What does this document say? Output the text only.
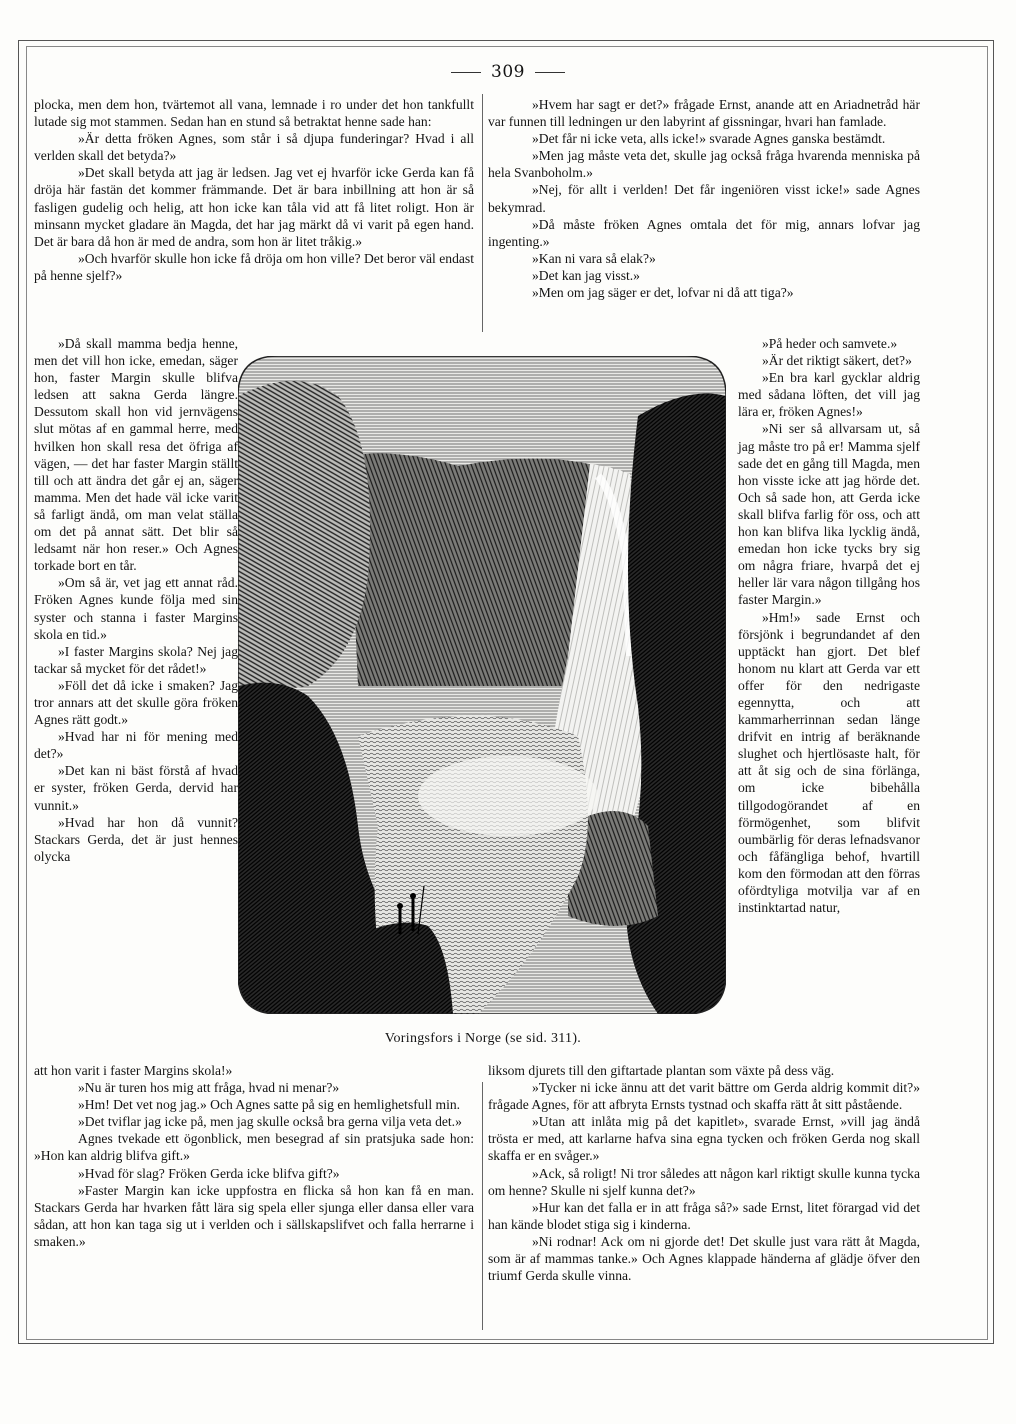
309

plocka, men dem hon, tvärtemot all vana, lemnade i ro under det hon tankfullt lutade sig mot stammen. Sedan han en stund så betraktat henne sade han:

»Är detta fröken Agnes, som står i så djupa funderingar? Hvad i all verlden skall det betyda?»

»Det skall betyda att jag är ledsen. Jag vet ej hvarför icke Gerda kan få dröja här fastän det kommer främmande. Det är bara inbillning att hon är så fasligen gudelig och helig, att hon icke kan tåla vid att få litet roligt. Hon är minsann mycket gladare än Magda, det har jag märkt då vi varit på egen hand. Det är bara då hon är med de andra, som hon är litet tråkig.»

»Och hvarför skulle hon icke få dröja om hon ville? Det beror väl endast på henne sjelf?»

»Då skall mamma bedja henne, men det vill hon icke, emedan, säger hon, faster Margin skulle blifva ledsen att sakna Gerda längre. Dessutom skall hon vid jernvägens slut mötas af en gammal herre, med hvilken hon skall resa det öfriga af vägen, — det har faster Margin ställt till och att ändra det går ej an, säger mamma. Men det hade väl icke varit så farligt ändå, om man velat ställa om det på annat sätt. Det blir så ledsamt när hon reser.» Och Agnes torkade bort en tår.

»Om så är, vet jag ett annat råd. Fröken Agnes kunde följa med sin syster och stanna i faster Margins skola en tid.»

»I faster Margins skola? Nej jag tackar så mycket för det rådet!»

»Föll det då icke i smaken? Jag tror annars att det skulle göra fröken Agnes rätt godt.»

»Hvad har ni för mening med det?»

»Det kan ni bäst förstå af hvad er syster, fröken Gerda, dervid har vunnit.»

»Hvad har hon då vunnit? Stackars Gerda, det är just hennes olycka

att hon varit i faster Margins skola!»

»Nu är turen hos mig att fråga, hvad ni menar?»

»Hm! Det vet nog jag.» Och Agnes satte på sig en hemlighetsfull min.

»Det tviflar jag icke på, men jag skulle också bra gerna vilja veta det.»

Agnes tvekade ett ögonblick, men besegrad af sin pratsjuka sade hon: »Hon kan aldrig blifva gift.»

»Hvad för slag? Fröken Gerda icke blifva gift?»

»Faster Margin kan icke uppfostra en flicka så hon kan få en man. Stackars Gerda har hvarken fått lära sig spela eller sjunga eller dansa eller vara sådan, att hon kan taga sig ut i verlden och i sällskapslifvet och falla herrarne i smaken.»

»Hvem har sagt er det?» frågade Ernst, anande att en Ariadnetråd här var funnen till ledningen ur den labyrint af gissningar, hvari han famlade.

»Det får ni icke veta, alls icke!» svarade Agnes ganska bestämdt.

»Men jag måste veta det, skulle jag också fråga hvarenda menniska på hela Svanboholm.»

»Nej, för allt i verlden! Det får ingeniören visst icke!» sade Agnes bekymrad.

»Då måste fröken Agnes omtala det för mig, annars lofvar jag ingenting.»

»Kan ni vara så elak?»

»Det kan jag visst.»

»Men om jag säger er det, lofvar ni då att tiga?»

»På heder och samvete.»

»Är det riktigt säkert, det?»

»En bra karl gycklar aldrig med sådana löften, det vill jag lära er, fröken Agnes!»

»Ni ser så allvarsam ut, så jag måste tro på er! Mamma sjelf sade det en gång till Magda, men hon visste icke att jag hörde det. Och så sade hon, att Gerda icke skall blifva farlig för oss, och att hon kan blifva lika lycklig ändå, emedan hon icke tycks bry sig om några friare, hvarpå det ej heller lär vara någon tillgång hos faster Margin.»

»Hm!» sade Ernst och försjönk i begrundandet af den upptäckt han gjort. Det blef honom nu klart att Gerda var ett offer för den nedrigaste egennytta, och att kammarherrinnan sedan länge drifvit en intrig af beräknande slughet och hjertlösaste halt, för att åt sig och de sina förlänga, om icke bibehålla tillgodogörandet af en förmögenhet, som blifvit oumbärlig för deras lefnadsvanor och fåfängliga behof, hvartill kom den förmodan att den förras ofördtyliga motvilja var af en instinktartad natur,

liksom djurets till den giftartade plantan som växte på dess väg.

»Tycker ni icke ännu att det varit bättre om Gerda aldrig kommit dit?» frågade Agnes, för att afbryta Ernsts tystnad och skaffa rätt åt sitt påstående.

»Utan att inlåta mig på det kapitlet», svarade Ernst, »vill jag ändå trösta er med, att karlarne hafva sina egna tycken och fröken Gerda nog skall skaffa er en svåger.»

»Ack, så roligt! Ni tror således att någon karl riktigt skulle kunna tycka om henne? Skulle ni sjelf kunna det?»

»Hur kan det falla er in att fråga så?» sade Ernst, litet förargad vid det han kände blodet stiga sig i kinderna.

»Ni rodnar! Ack om ni gjorde det! Det skulle just vara rätt åt Magda, som är af mammas tanke.» Och Agnes klappade händerna af glädje öfver den triumf Gerda skulle vinna.

Voringsfors i Norge (se sid. 311).
